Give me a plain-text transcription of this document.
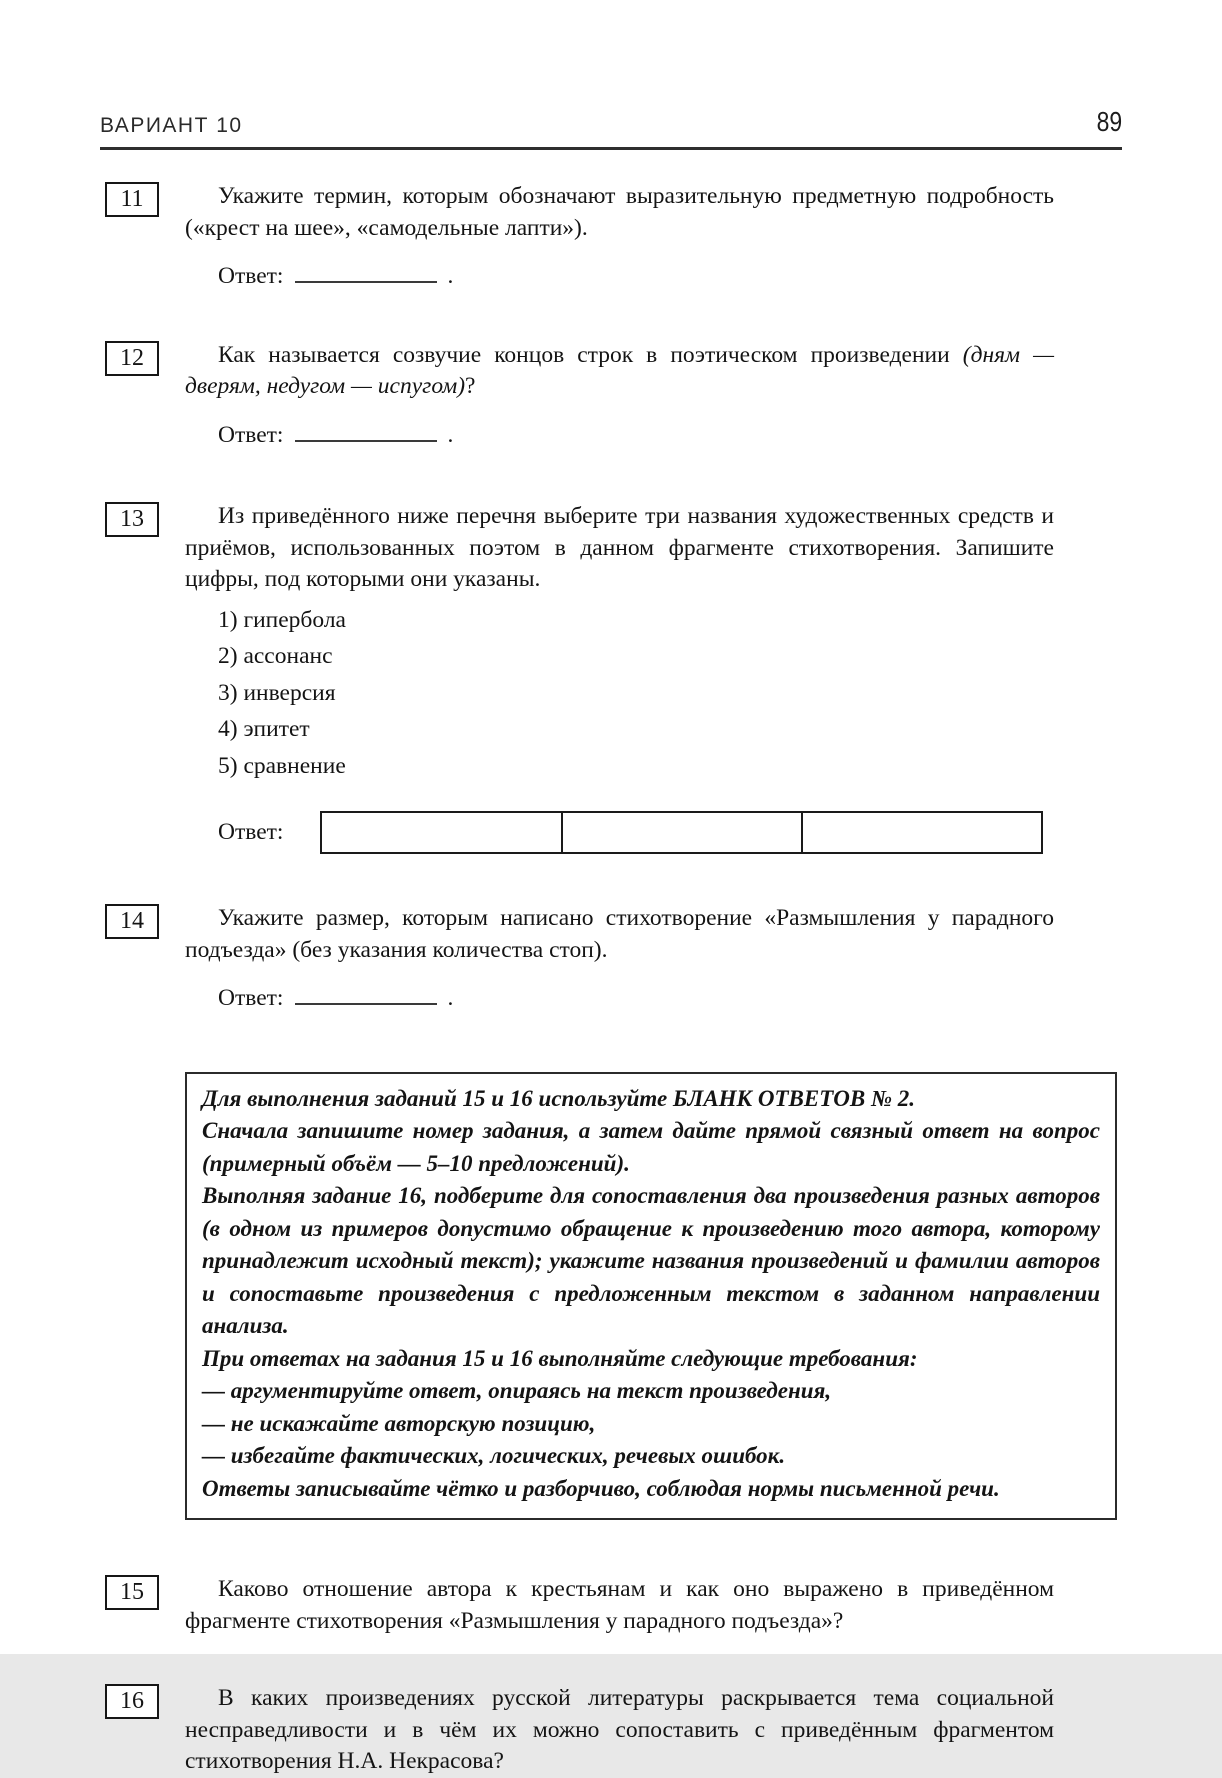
ВАРИАНТ 10	89
11	Укажите термин, которым обозначают выразительную предметную подробность («крест на шее», «самодельные лапти»).

Ответ:	.
12	Как называется созвучие концов строк в поэтическом произведении (дням — дверям, недугом — испугом)?

Ответ:	.
13	Из приведённого ниже перечня выберите три названия художественных средств и приёмов, использованных поэтом в данном фрагменте стихотворения. Запишите цифры, под которыми они указаны.

1) гипербола
2) ассонанс
3) инверсия
4) эпитет
5) сравнение
Ответ:
14	Укажите размер, которым написано стихотворение «Размышления у парадного подъезда» (без указания количества стоп).

Ответ:	.

Для выполнения заданий 15 и 16 используйте БЛАНК ОТВЕТОВ № 2.

Сначала запишите номер задания, а затем дайте прямой связный ответ на вопрос (примерный объём — 5–10 предложений).

Выполняя задание 16, подберите для сопоставления два произведения разных авторов (в одном из примеров допустимо обращение к произведению того автора, которому принадлежит исходный текст); укажите названия произведений и фамилии авторов и сопоставьте произведения с предложенным текстом в заданном направлении анализа.

При ответах на задания 15 и 16 выполняйте следующие требования:

— аргументируйте ответ, опираясь на текст произведения,

— не искажайте авторскую позицию,

— избегайте фактических, логических, речевых ошибок.

Ответы записывайте чётко и разборчиво, соблюдая нормы письменной речи.

15	Каково отношение автора к крестьянам и как оно выражено в приведённом фрагменте стихотворения «Размышления у парадного подъезда»?

16	В каких произведениях русской литературы раскрывается тема социальной несправедливости и в чём их можно сопоставить с приведённым фрагментом стихотворения Н.А. Некрасова?
